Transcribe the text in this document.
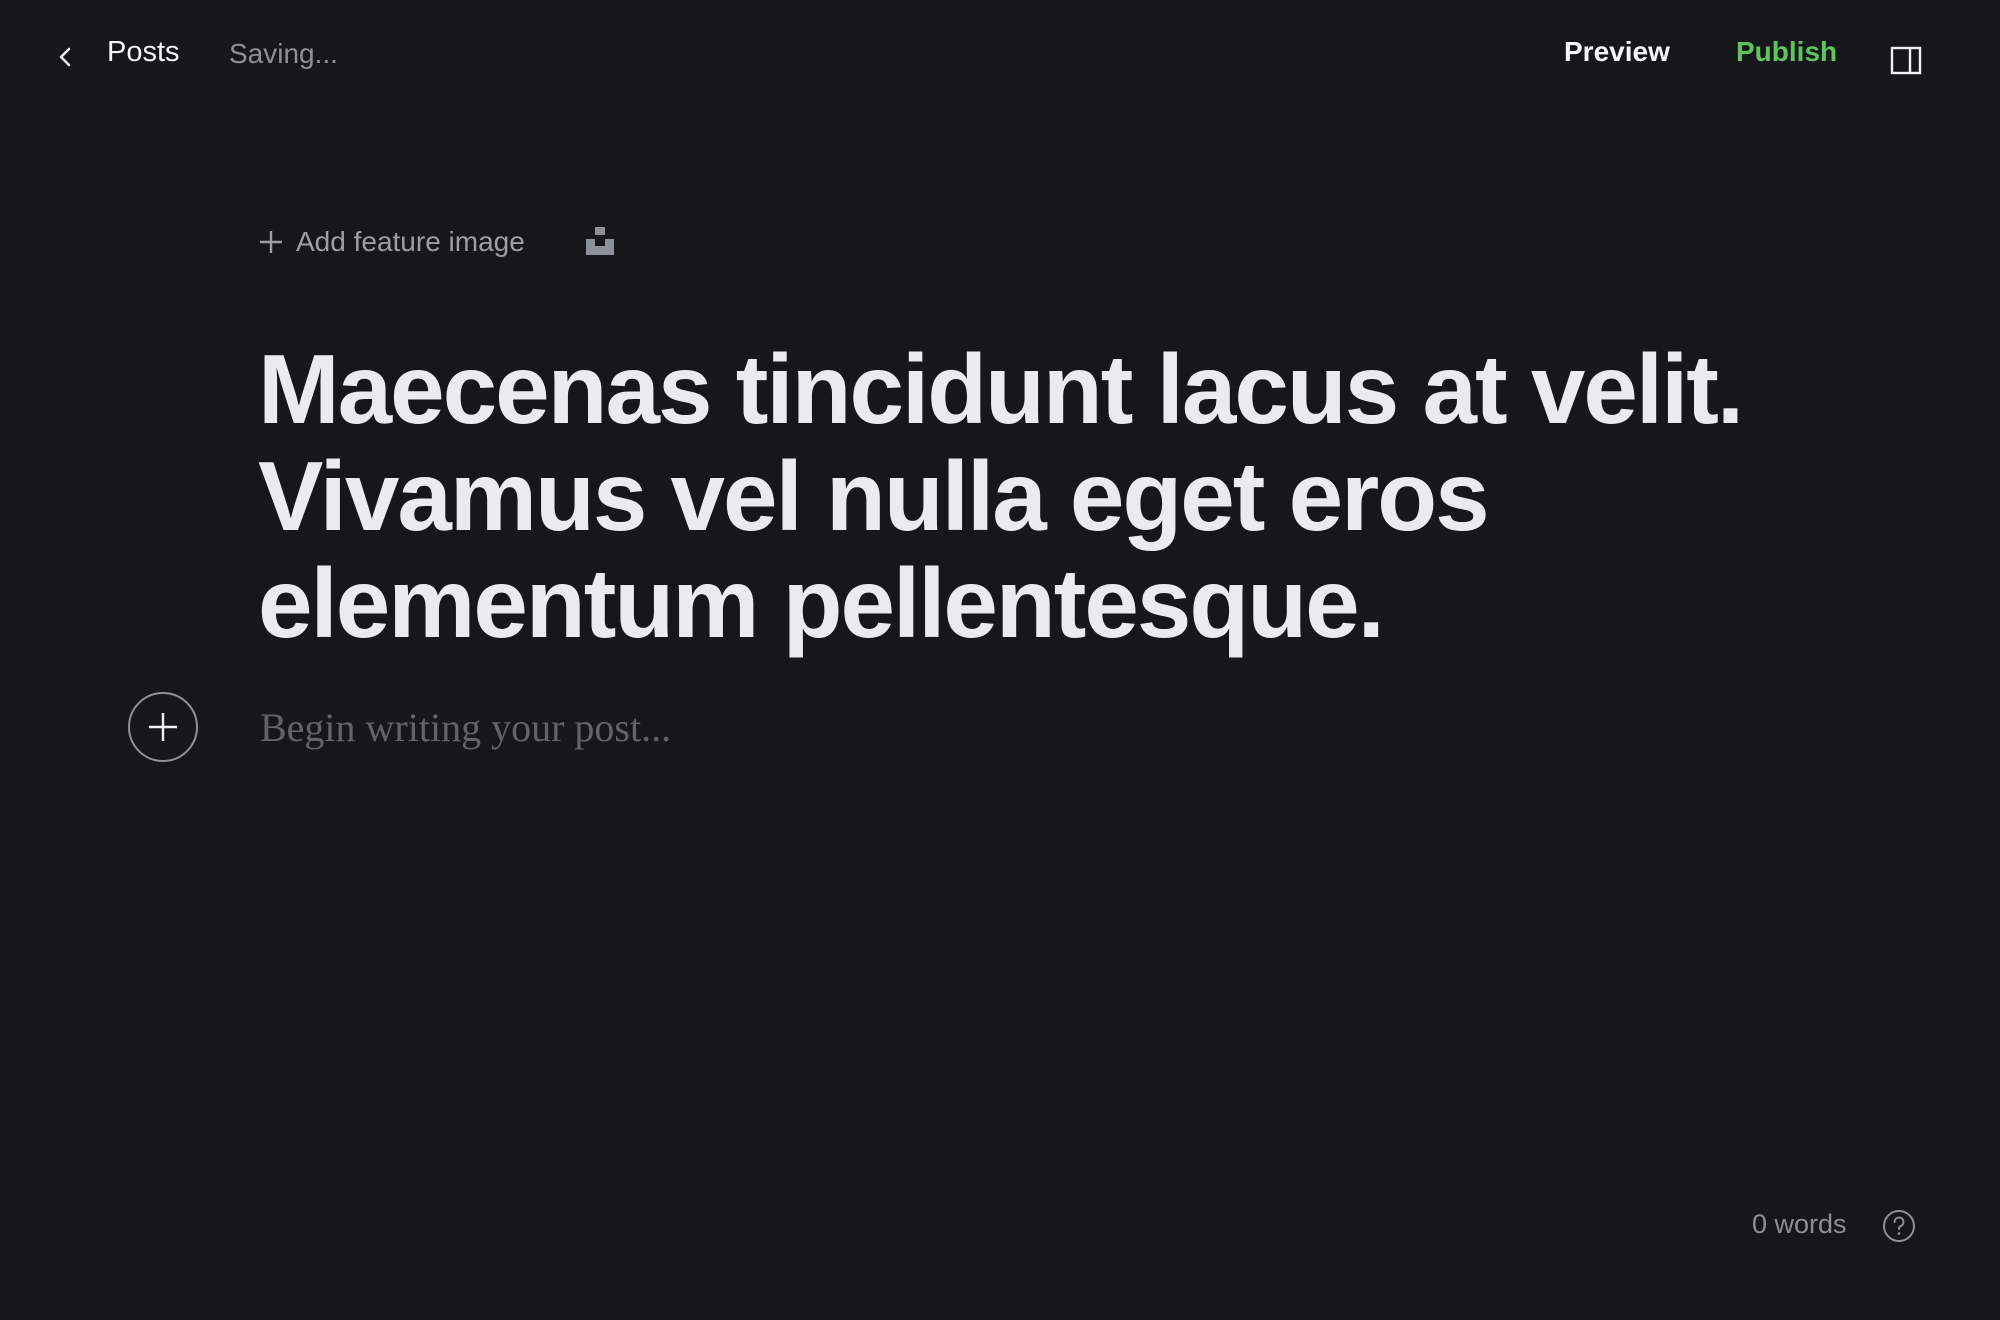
Posts Saving...	Preview Publish
Add feature image
Maecenas tincidunt lacus at velit. Vivamus vel nulla eget eros elementum pellentesque.
Begin writing your post...
0 words
